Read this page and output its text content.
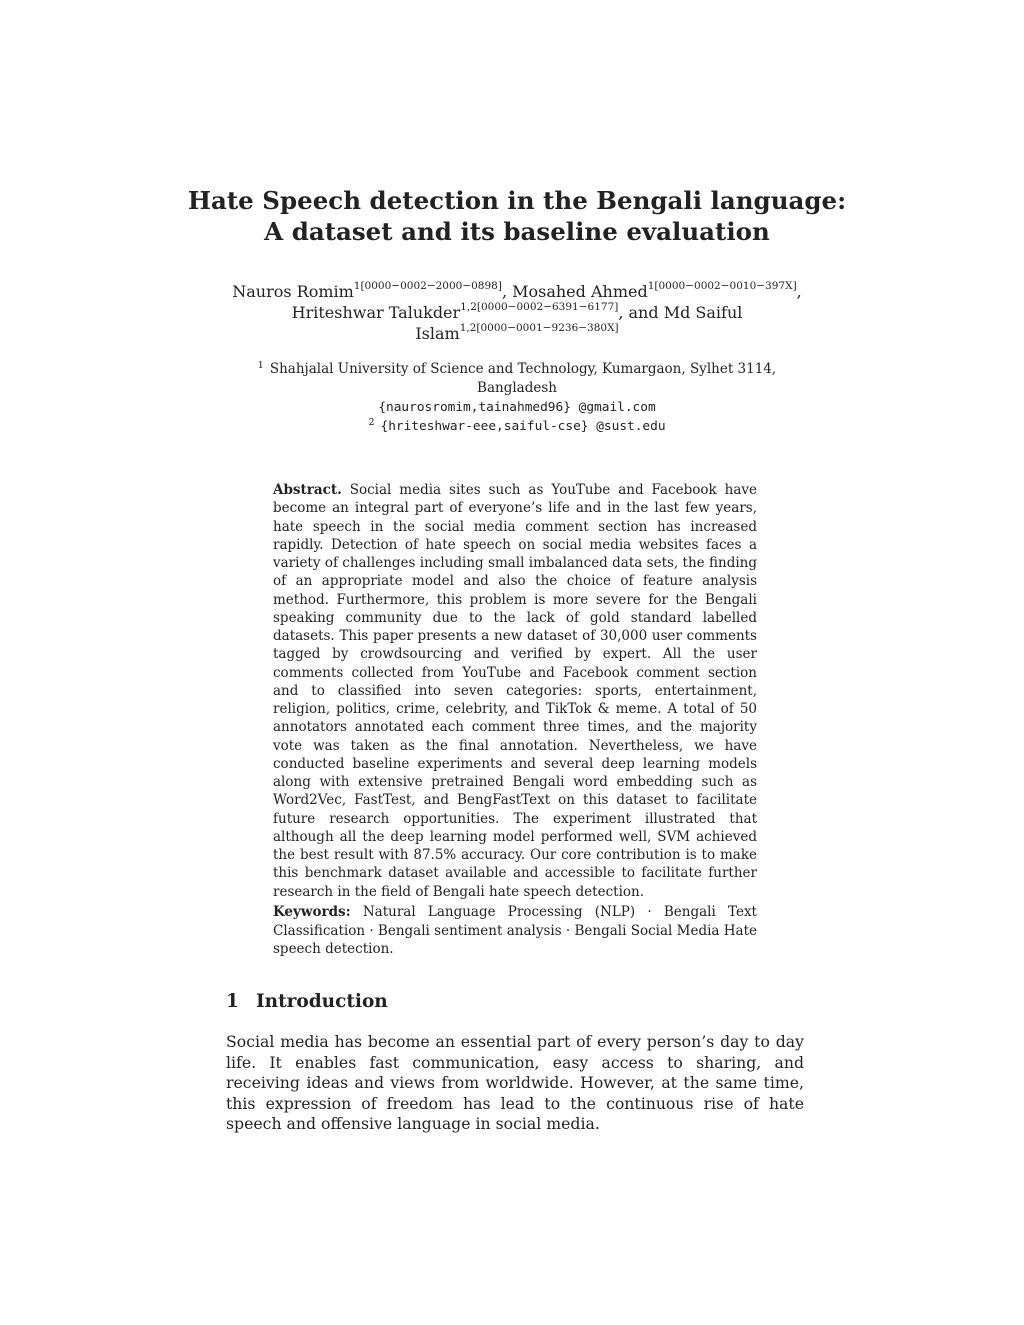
Hate Speech detection in the Bengali language:
A dataset and its baseline evaluation
Nauros Romim$^{1[0000-0002-2000-0898]}$, Mosahed Ahmed$^{1[0000-0002-0010-397X]}$,
Hriteshwar Talukder$^{1,2[0000-0002-6391-6177]}$, and Md Saiful
Islam$^{1,2[0000-0001-9236-380X]}$
$^1$ Shahjalal University of Science and Technology, Kumargaon, Sylhet 3114,
Bangladesh
{naurosromim,tainahmed96} @gmail.com
$^2$ {hriteshwar-eee,saiful-cse} @sust.edu
Abstract. Social media sites such as YouTube and Facebook have become an integral part of everyone’s life and in the last few years, hate speech in the social media comment section has increased rapidly. Detection of hate speech on social media websites faces a variety of challenges including small imbalanced data sets, the finding of an appropriate model and also the choice of feature analysis method. Furthermore, this problem is more severe for the Bengali speaking community due to the lack of gold standard labelled datasets. This paper presents a new dataset of 30,000 user comments tagged by crowdsourcing and verified by expert. All the user comments collected from YouTube and Facebook comment section and to classified into seven categories: sports, entertainment, religion, politics, crime, celebrity, and TikTok & meme. A total of 50 annotators annotated each comment three times, and the majority vote was taken as the final annotation. Nevertheless, we have conducted baseline experiments and several deep learning models along with extensive pretrained Bengali word embedding such as Word2Vec, FastTest, and BengFastText on this dataset to facilitate future research opportunities. The experiment illustrated that although all the deep learning model performed well, SVM achieved the best result with 87.5% accuracy. Our core contribution is to make this benchmark dataset available and accessible to facilitate further research in the field of Bengali hate speech detection.
Keywords: Natural Language Processing (NLP) · Bengali Text Classification · Bengali sentiment analysis · Bengali Social Media Hate speech detection.
1 Introduction
Social media has become an essential part of every person’s day to day life. It enables fast communication, easy access to sharing, and receiving ideas and views from worldwide. However, at the same time, this expression of freedom has lead to the continuous rise of hate speech and offensive language in social media.
